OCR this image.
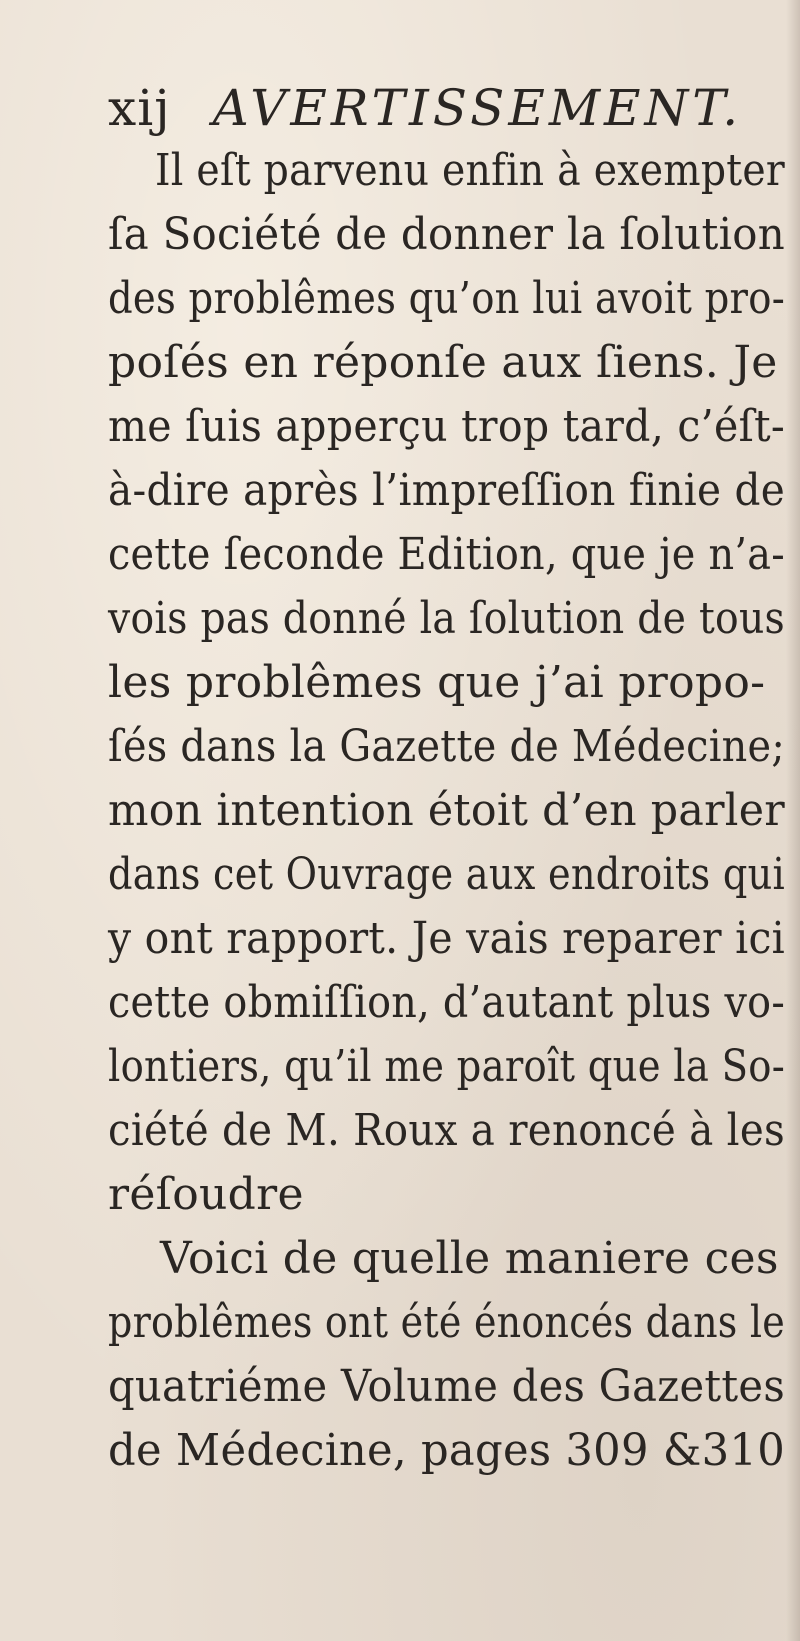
xij AVERTISSEMENT.
Il eſt parvenu enfin à exempter
ſa Société de donner la ſolution
des problêmes qu’on lui avoit pro-
poſés en réponſe aux ſiens. Je
me ſuis apperçu trop tard, c’éſt-
à-dire après l’impreſſion finie de
cette ſeconde Edition, que je n’a-
vois pas donné la ſolution de tous
les problêmes que j’ai propo-
ſés dans la Gazette de Médecine;
mon intention étoit d’en parler
dans cet Ouvrage aux endroits qui
y ont rapport. Je vais reparer ici
cette obmiſſion, d’autant plus vo-
lontiers, qu’il me paroît que la So-
ciété de M. Roux a renoncé à les
réſoudre
Voici de quelle maniere ces
problêmes ont été énoncés dans le
quatriéme Volume des Gazettes
de Médecine, pages 309 &310
